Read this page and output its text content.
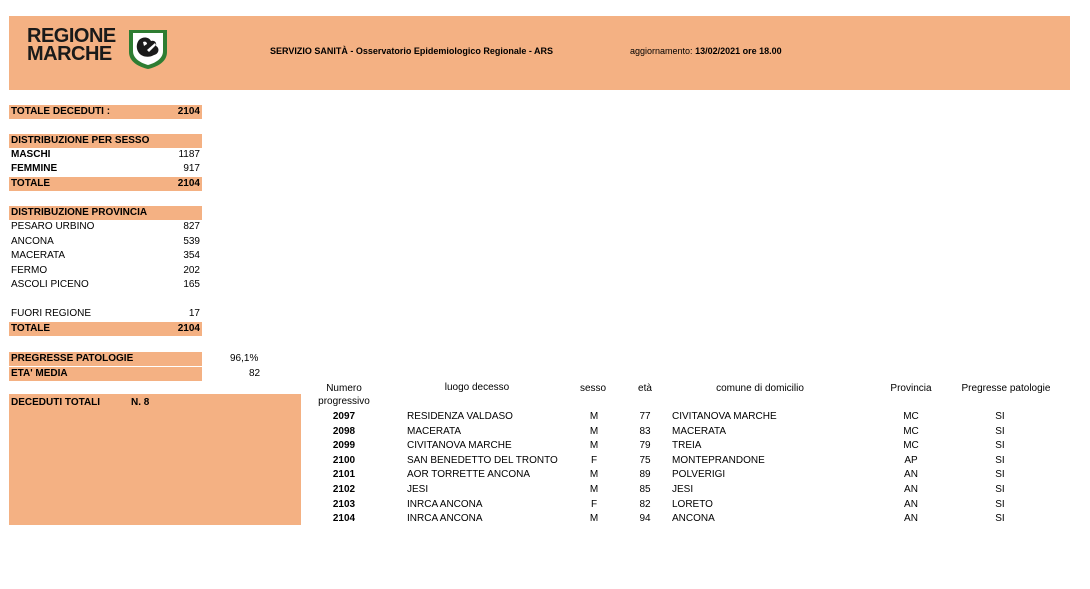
REGIONE
MARCHE	SERVIZIO SANITÀ - Osservatorio Epidemiologico Regionale - ARS	aggiornamento: 13/02/2021 ore 18.00
TOTALE DECEDUTI :	2104
DISTRIBUZIONE PER SESSO
MASCHI	1187
FEMMINE	917
TOTALE	2104
DISTRIBUZIONE PROVINCIA
PESARO URBINO	827
ANCONA	539
MACERATA	354
FERMO	202
ASCOLI PICENO	165
FUORI REGIONE	17
TOTALE	2104
PREGRESSE PATOLOGIE	96,1%
ETA' MEDIA	82
DECEDUTI TOTALI	N. 8
Numero
progressivo
luogo decesso	sesso	età	comune di domicilio	Provincia	Pregresse patologie
2097	RESIDENZA VALDASO	M	77	CIVITANOVA MARCHE	MC	SI
2098	MACERATA	M	83	MACERATA	MC	SI
2099	CIVITANOVA MARCHE	M	79	TREIA	MC	SI
2100	SAN BENEDETTO DEL TRONTO	F	75	MONTEPRANDONE	AP	SI
2101	AOR TORRETTE ANCONA	M	89	POLVERIGI	AN	SI
2102	JESI	M	85	JESI	AN	SI
2103	INRCA ANCONA	F	82	LORETO	AN	SI
2104	INRCA ANCONA	M	94	ANCONA	AN	SI
